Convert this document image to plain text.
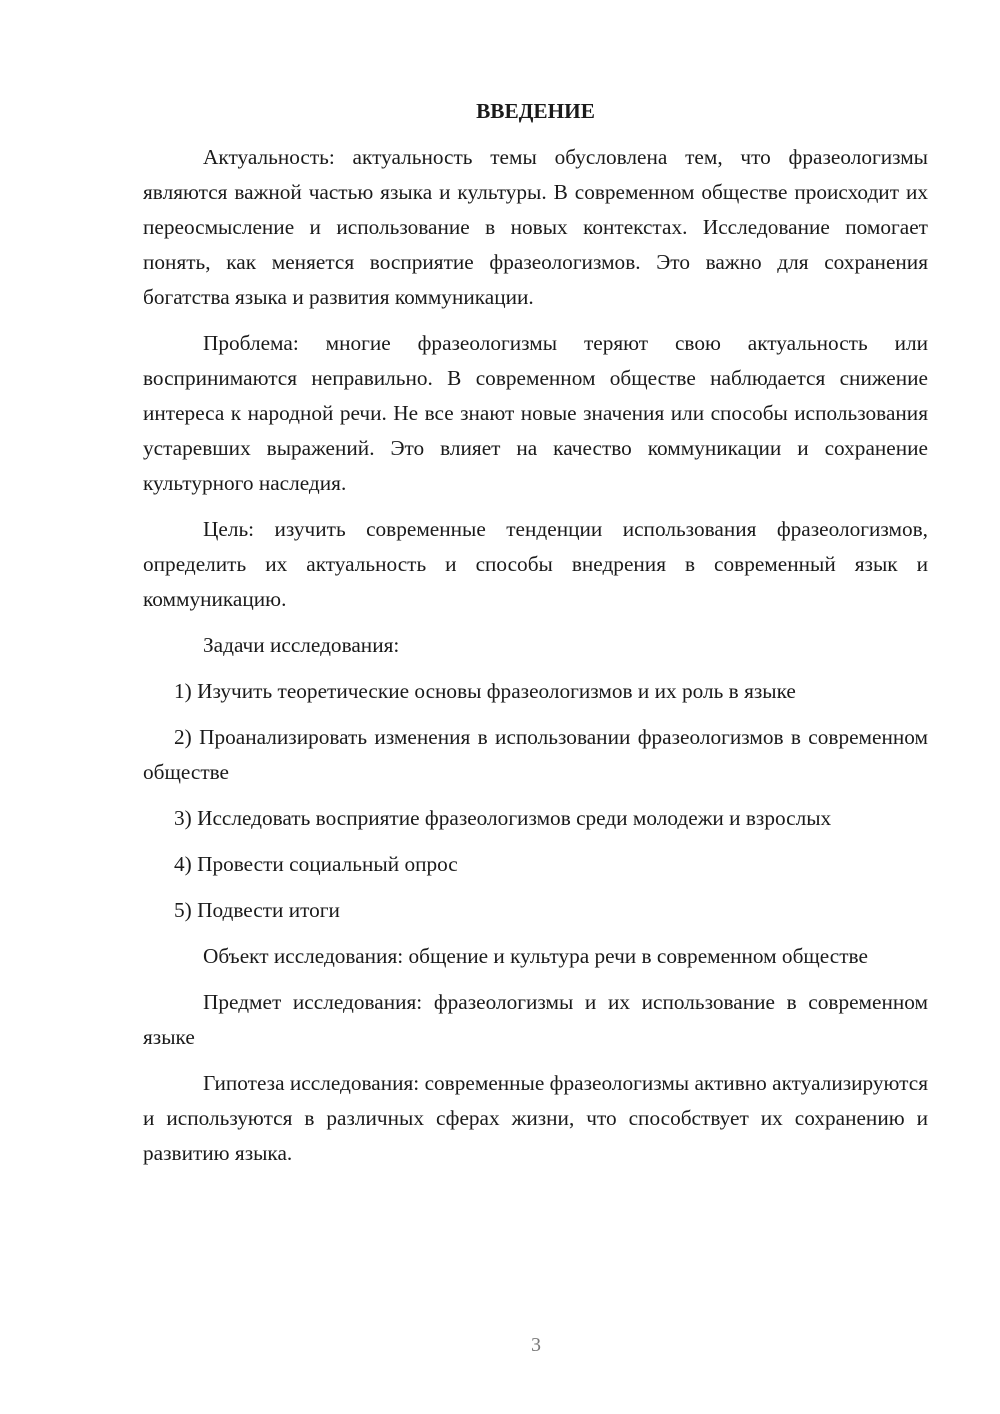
ВВЕДЕНИЕ

Актуальность: актуальность темы обусловлена тем, что фразеологизмы являются важной частью языка и культуры. В современном обществе происходит их переосмысление и использование в новых контекстах. Исследование помогает понять, как меняется восприятие фразеологизмов. Это важно для сохранения богатства языка и развития коммуникации.

Проблема: многие фразеологизмы теряют свою актуальность или воспринимаются неправильно. В современном обществе наблюдается снижение интереса к народной речи. Не все знают новые значения или способы использования устаревших выражений. Это влияет на качество коммуникации и сохранение культурного наследия.

Цель: изучить современные тенденции использования фразеологизмов, определить их актуальность и способы внедрения в современный язык и коммуникацию.

Задачи исследования:

1) Изучить теоретические основы фразеологизмов и их роль в языке

2) Проанализировать изменения в использовании фразеологизмов в современном обществе

3) Исследовать восприятие фразеологизмов среди молодежи и взрослых

4) Провести социальный опрос

5) Подвести итоги

Объект исследования: общение и культура речи в современном обществе

Предмет исследования: фразеологизмы и их использование в современном языке

Гипотеза исследования: современные фразеологизмы активно актуализируются и используются в различных сферах жизни, что способствует их сохранению и развитию языка.

3
